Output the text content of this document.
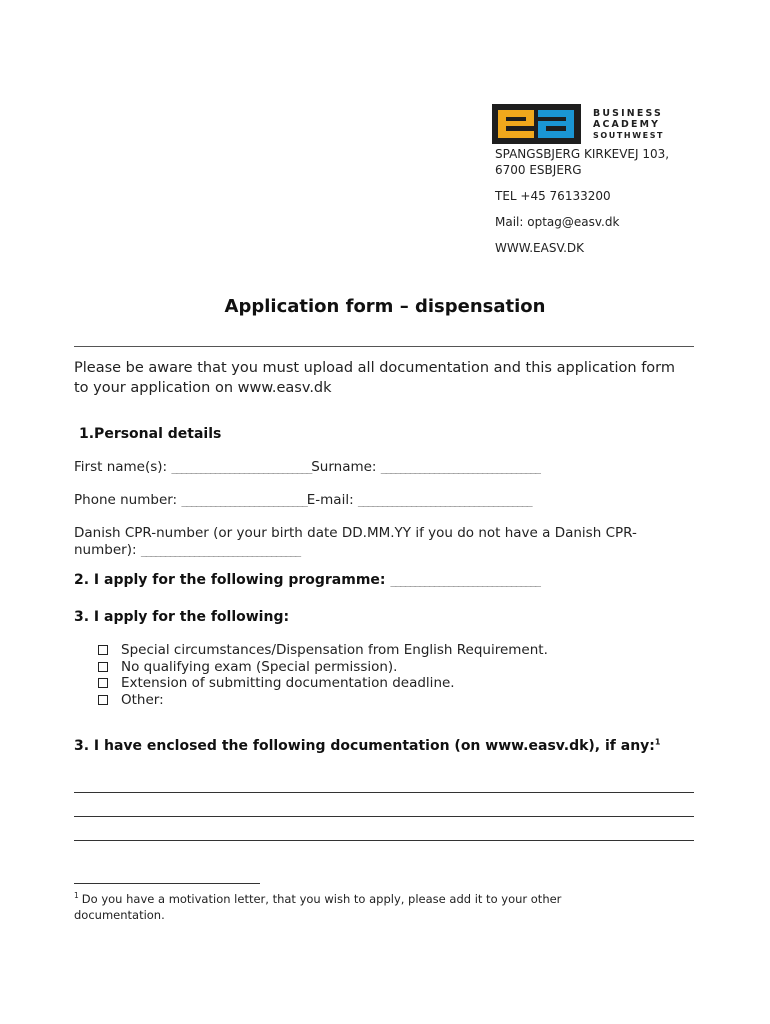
BUSINESS
ACADEMY
SOUTHWEST
SPANGSBJERG KIRKEVEJ 103,
6700 ESBJERG
TEL +45 76133200
Mail: optag@easv.dk
WWW.EASV.DK
Application form – dispensation
Please be aware that you must upload all documentation and this application form to your application on www.easv.dk
1.Personal details
First name(s): _____________________________Surname: _________________________________
Phone number: __________________________E-mail: ____________________________________
Danish CPR-number (or your birth date DD.MM.YY if you do not have a Danish CPR-number): _________________________________
2. I apply for the following programme: _______________________________
3. I apply for the following:
Special circumstances/Dispensation from English Requirement.
No qualifying exam (Special permission).
Extension of submitting documentation deadline.
Other:
3. I have enclosed the following documentation (on www.easv.dk), if any:$^1$
$^1$ Do you have a motivation letter, that you wish to apply, please add it to your other documentation.
